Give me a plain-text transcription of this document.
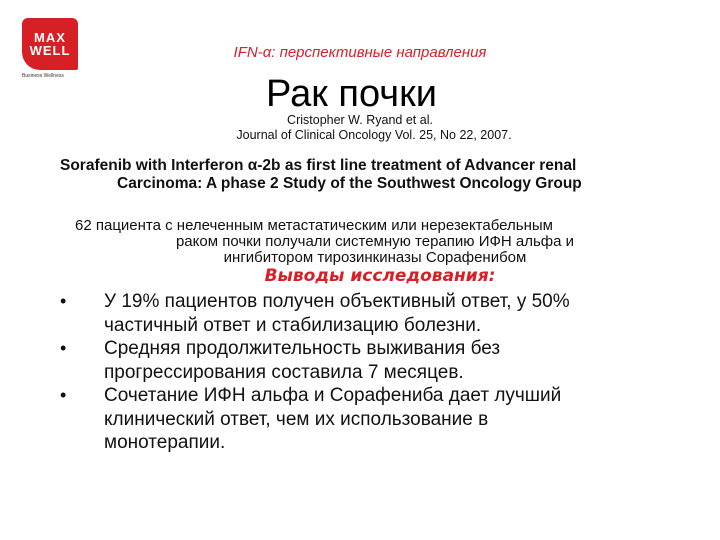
MAX
WELL
Business Wellness
IFN-α: перспективные направления
Рак почки
Cristopher W. Ryand et al.
Journal of Clinical Oncology Vol. 25, No 22, 2007.
Sorafenib with Interferon α-2b as first line treatment of Advancer renal
Carcinoma: A phase 2 Study of the Southwest Oncology Group
62 пациента с нелеченным метастатическим или нерезектабельным
раком почки получали системную терапию ИФН альфа и
ингибитором тирозинкиназы Сорафенибом
Выводы исследования:
•	У 19% пациентов получен объективный ответ, у 50%
частичный ответ и стабилизацию болезни.
•	Средняя продолжительность выживания без
прогрессирования составила 7 месяцев.
•	Сочетание ИФН альфа и Сорафениба дает лучший
клинический ответ, чем их использование в
монотерапии.
